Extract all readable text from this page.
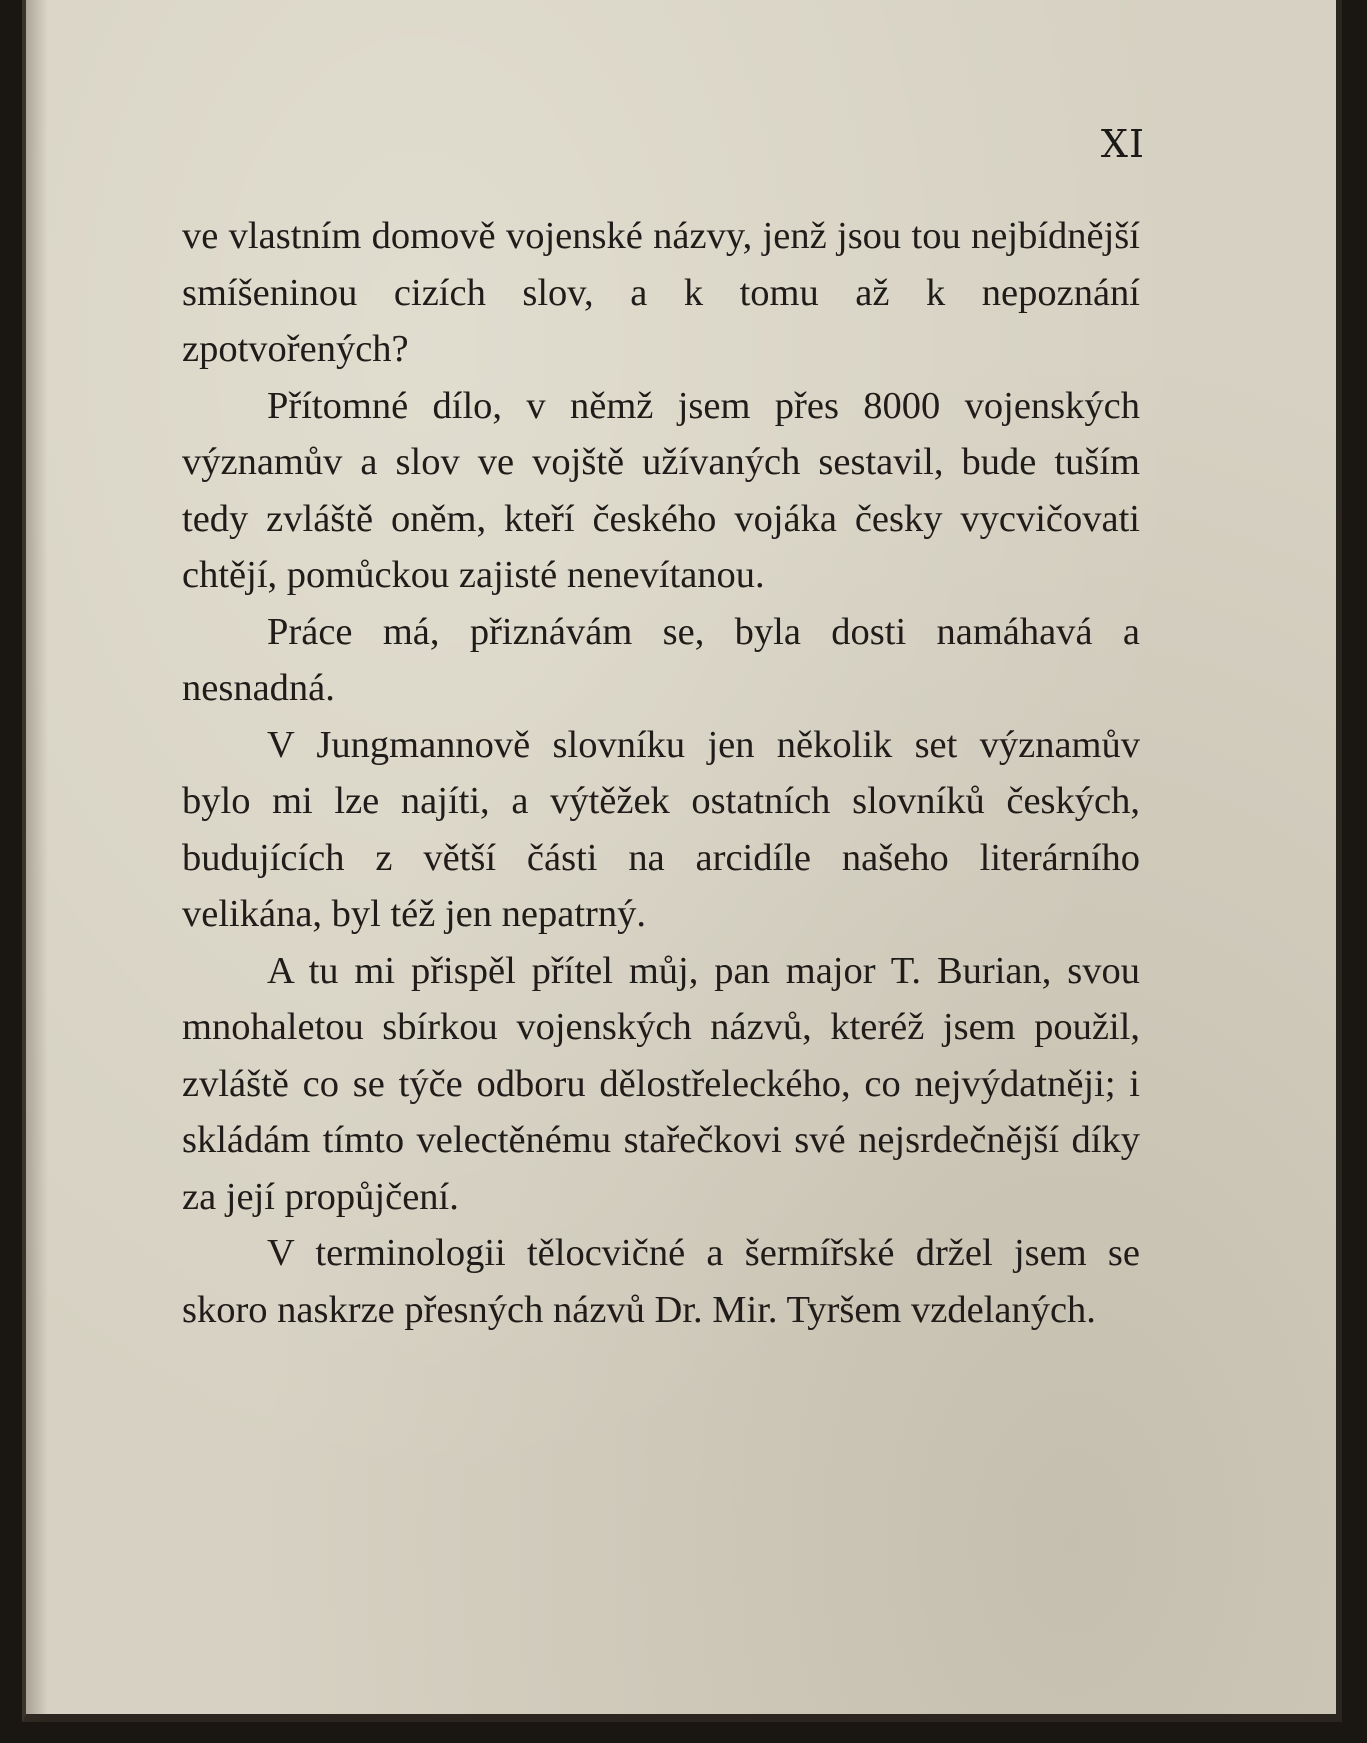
XI

ve vlastním domově vojenské názvy, jenž jsou tou nejbídnější smíšeninou cizích slov, a k tomu až k nepoznání zpotvořených?

Přítomné dílo, v němž jsem přes 8000 vojenských významův a slov ve vojště užívaných sestavil, bude tuším tedy zvláště oněm, kteří českého vojáka česky vycvičovati chtějí, pomůckou zajisté nenevítanou.

Práce má, přiznávám se, byla dosti namáhavá a nesnadná.

V Jungmannově slovníku jen několik set významův bylo mi lze najíti, a výtěžek ostatních slovníků českých, budujících z větší části na arcidíle našeho literárního velikána, byl též jen nepatrný.

A tu mi přispěl přítel můj, pan major T. Burian, svou mnohaletou sbírkou vojenských názvů, kteréž jsem použil, zvláště co se týče odboru dělostřeleckého, co nejvýdatněji; i skládám tímto velectěnému stařečkovi své nejsrdečnější díky za její propůjčení.

V terminologii tělocvičné a šermířské držel jsem se skoro naskrze přesných názvů Dr. Mir. Tyršem vzdelaných.
